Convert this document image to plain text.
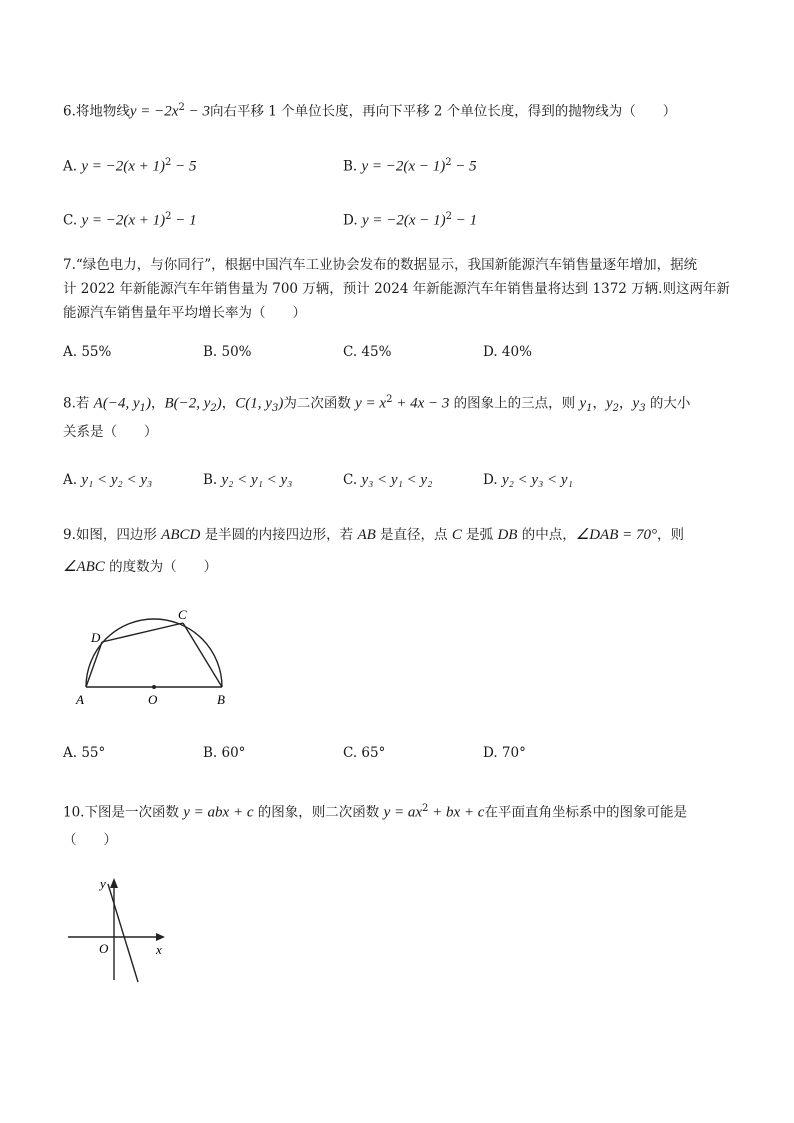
6.将地物线$y = -2x^2 - 3$向右平移 1 个单位长度，再向下平移 2 个单位长度，得到的抛物线为（　　）
A. $y = -2(x + 1)^2 - 5$	B. $y = -2(x - 1)^2 - 5$
C. $y = -2(x + 1)^2 - 1$	D. $y = -2(x - 1)^2 - 1$
7.“绿色电力，与你同行”，根据中国汽车工业协会发布的数据显示，我国新能源汽车销售量逐年增加，据统
计 2022 年新能源汽车年销售量为 700 万辆，预计 2024 年新能源汽车年销售量将达到 1372 万辆.则这两年新
能源汽车销售量年平均增长率为（　　）
A. 55%	B. 50%	C. 45%	D. 40%
8.若 A(−4, $y_1$)，B(−2, $y_2$)，C(1, $y_3$)为二次函数 $y = x^2 + 4x - 3$ 的图象上的三点，则 $y_1$，$y_2$，$y_3$ 的大小
关系是（　　）
A. y₁ < y₂ < y₃	B. y₂ < y₁ < y₃	C. y₃ < y₁ < y₂	D. y₂ < y₃ < y₁
9.如图，四边形 ABCD 是半圆的内接四边形，若 AB 是直径，点 C 是弧 DB 的中点，∠DAB = 70°，则
∠ABC 的度数为（　　）
A	B
C
D
O
A. 55°	B. 60°	C. 65°	D. 70°
10.下图是一次函数 y = abx + c 的图象，则二次函数 $y = ax^2$ + bx + c在平面直角坐标系中的图象可能是
（　　）
y
x
O
